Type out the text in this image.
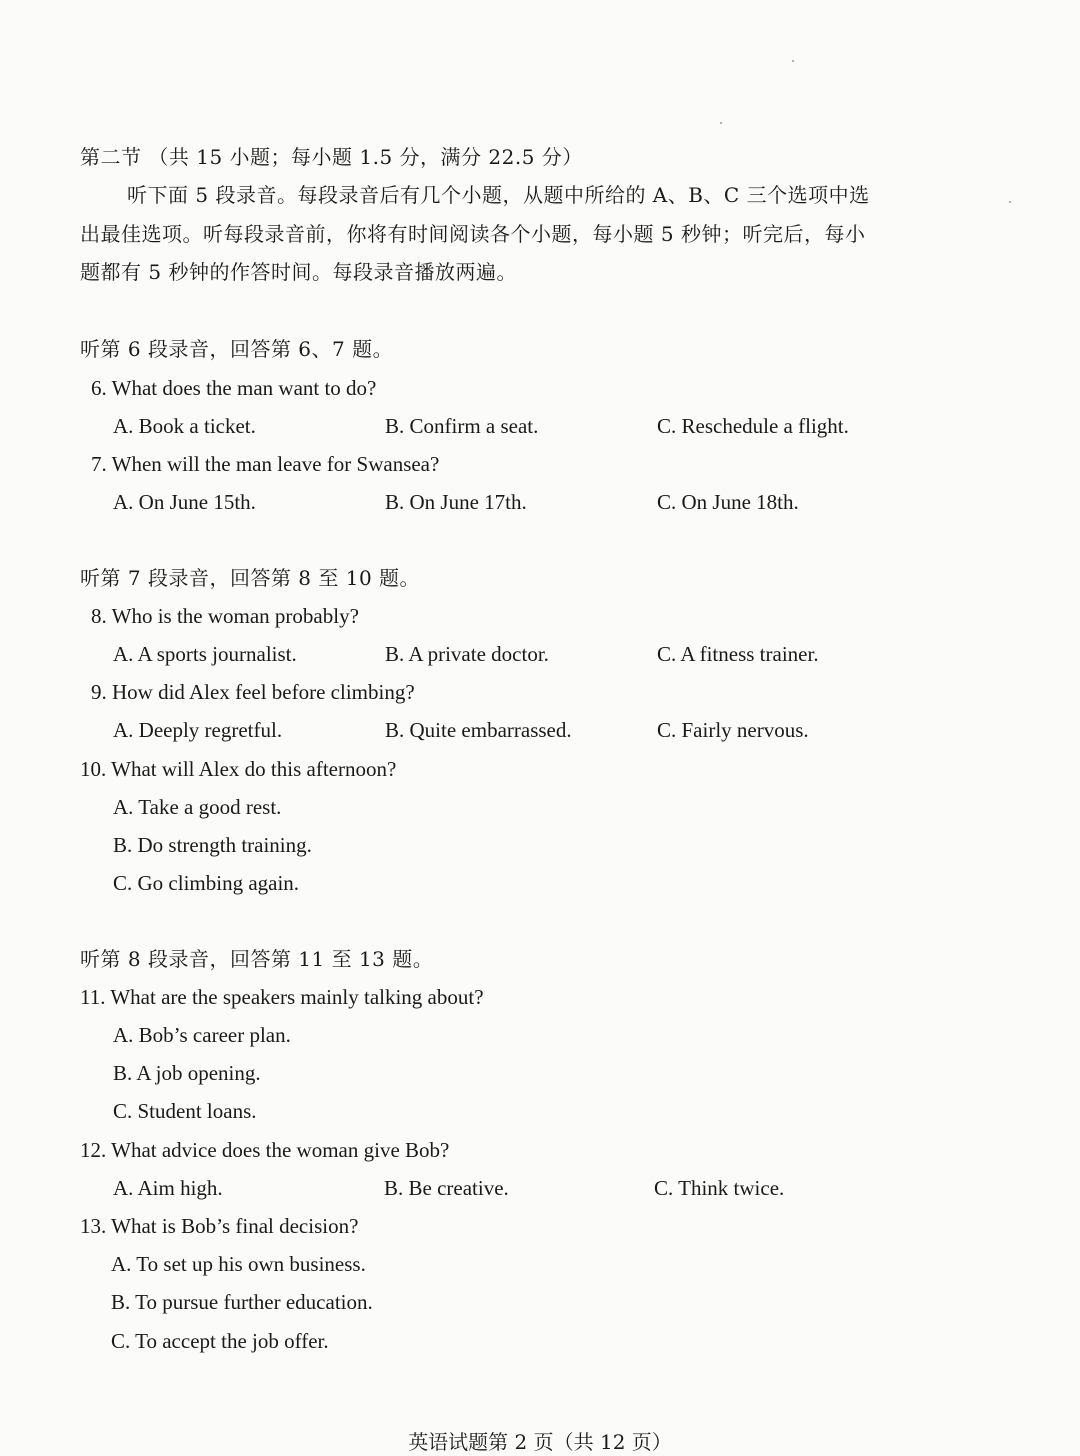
第二节 （共 15 小题；每小题 1.5 分，满分 22.5 分）
听下面 5 段录音。每段录音后有几个小题，从题中所给的 A、B、C 三个选项中选
出最佳选项。听每段录音前，你将有时间阅读各个小题，每小题 5 秒钟；听完后，每小
题都有 5 秒钟的作答时间。每段录音播放两遍。
听第 6 段录音，回答第 6、7 题。
6. What does the man want to do?
A. Book a ticket.	B. Confirm a seat.	C. Reschedule a flight.
7. When will the man leave for Swansea?
A. On June 15th.	B. On June 17th.	C. On June 18th.
听第 7 段录音，回答第 8 至 10 题。
8. Who is the woman probably?
A. A sports journalist.	B. A private doctor.	C. A fitness trainer.
9. How did Alex feel before climbing?
A. Deeply regretful.	B. Quite embarrassed.	C. Fairly nervous.
10. What will Alex do this afternoon?
A. Take a good rest.
B. Do strength training.
C. Go climbing again.
听第 8 段录音，回答第 11 至 13 题。
11. What are the speakers mainly talking about?
A. Bob’s career plan.
B. A job opening.
C. Student loans.
12. What advice does the woman give Bob?
A. Aim high.	B. Be creative.	C. Think twice.
13. What is Bob’s final decision?
A. To set up his own business.
B. To pursue further education.
C. To accept the job offer.
英语试题第 2 页（共 12 页）
